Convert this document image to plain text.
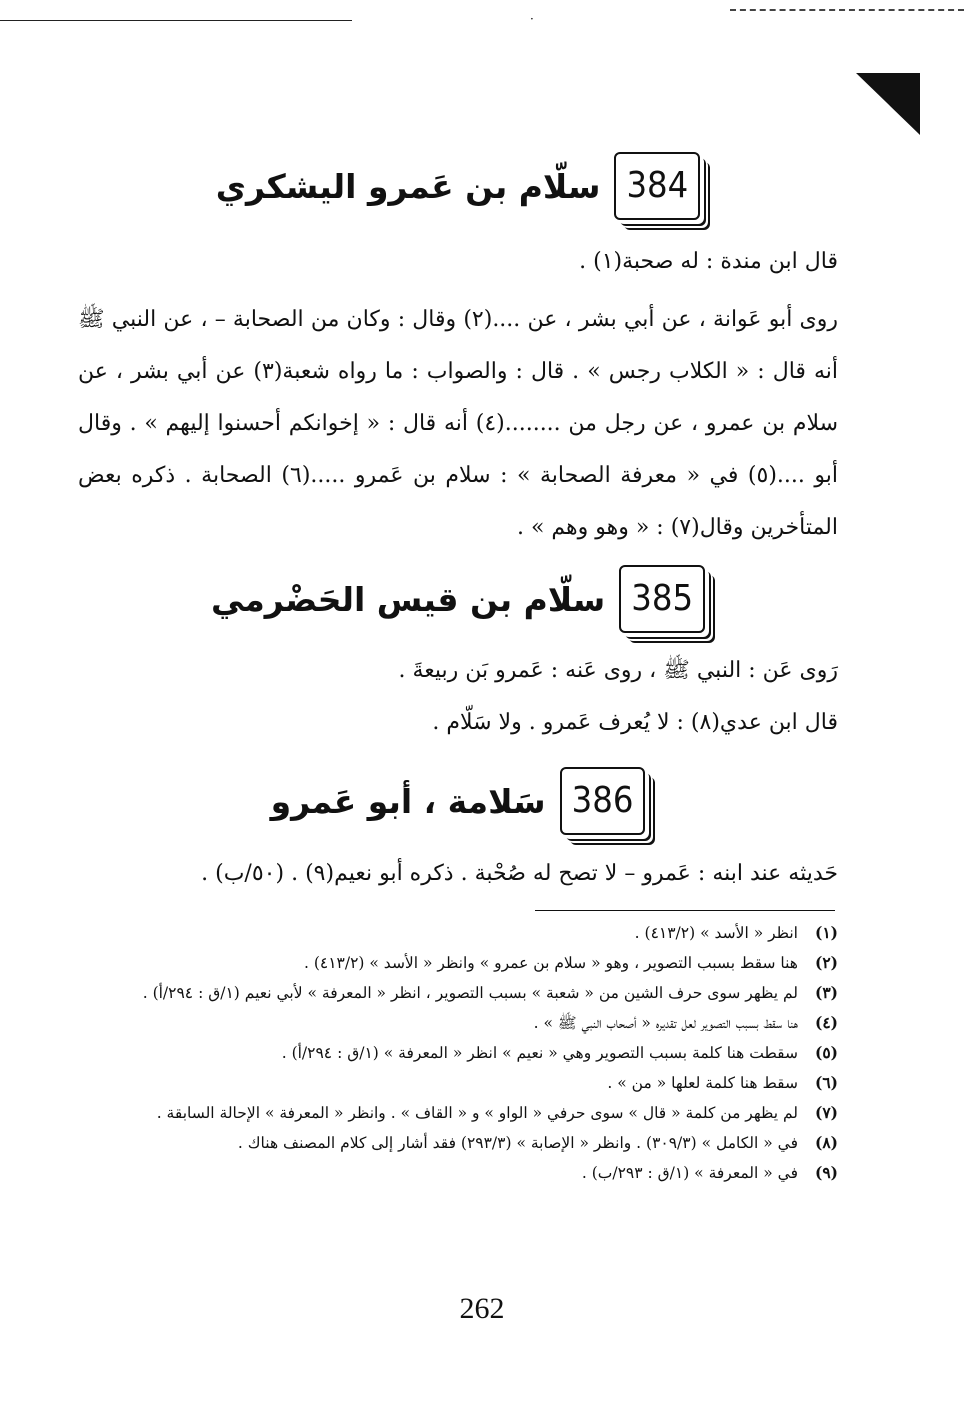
·
384
سلّام بن عَمرو اليشكري
قال ابن مندة : له صحبة(١) .
روى أبو عَوانة ، عن أبي بشر ، عن ....(٢) وقال : وكان من الصحابة – ، عن النبي ﷺ أنه قال : « الكلاب رجس » . قال : والصواب : ما رواه شعبة(٣) عن أبي بشر ، عن سلام بن عمرو ، عن رجل من ........(٤) أنه قال : « إخوانكم أحسنوا إليهم » . وقال أبو ....(٥) في « معرفة الصحابة » : سلام بن عَمرو .....(٦) الصحابة . ذكره بعض المتأخرين وقال(٧) : « وهو وهم » .
385
سلّام بن قيس الحَضْرمي
رَوى عَن : النبي ﷺ ، روى عَنه : عَمرو بَن ربيعةَ .
قال ابن عدي(٨) : لا يُعرف عَمرو . ولا سَلّام .
386
سَلامة ، أبو عَمرو
حَديثه عند ابنه : عَمرو – لا تصح له صُحْبة . ذكره أبو نعيم(٩) . (٥٠/ب) .
(١)
انظر « الأسد » (٤١٣/٢) .
(٢)
هنا سقط بسبب التصوير ، وهو « سلام بن عمرو » وانظر « الأسد » (٤١٣/٢) .
(٣)
لم يظهر سوى حرف الشين من « شعبة » بسبب التصوير ، انظر « المعرفة » لأبي نعيم (١/ق : ٢٩٤/أ) .
(٤)
هنا سقط بسبب التصوير لعل تقديره « أصحاب النبي ﷺ » .
(٥)
سقطت هنا كلمة بسبب التصوير وهي « نعيم » انظر « المعرفة » (١/ق : ٢٩٤/أ) .
(٦)
سقط هنا كلمة لعلها « من » .
(٧)
لم يظهر من كلمة « قال » سوى حرفي « الواو » و « القاف » . وانظر « المعرفة » الإحالة السابقة .
(٨)
في « الكامل » (٣٠٩/٣) . وانظر « الإصابة » (٢٩٣/٣) فقد أشار إلى كلام المصنف هناك .
(٩)
في « المعرفة » (١/ق : ٢٩٣/ب) .
262
